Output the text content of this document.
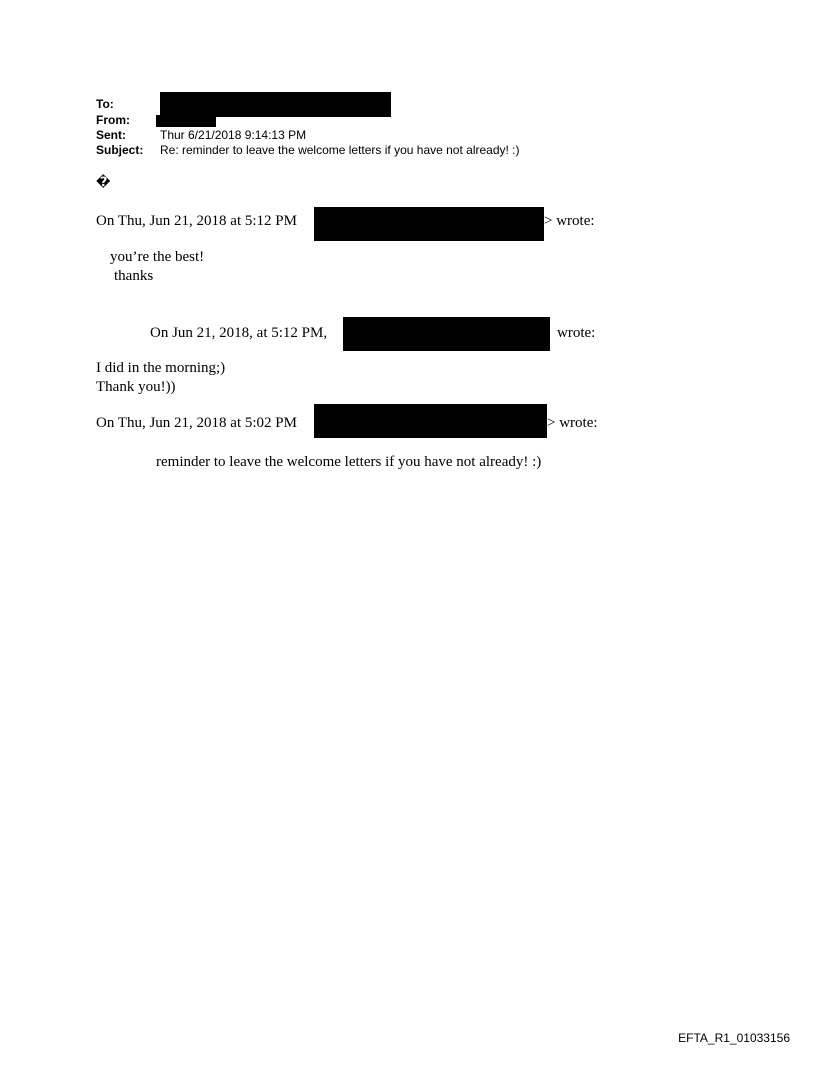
To:
From:
Sent:	Thur 6/21/2018 9:14:13 PM
Subject: Re: reminder to leave the welcome letters if you have not already! :)
�
On Thu, Jun 21, 2018 at 5:12 PM	> wrote:
you’re the best!
thanks
On Jun 21, 2018, at 5:12 PM,	wrote:
I did in the morning;)
Thank you!))
On Thu, Jun 21, 2018 at 5:02 PM	> wrote:
reminder to leave the welcome letters if you have not already! :)
EFTA_R1_01033156
